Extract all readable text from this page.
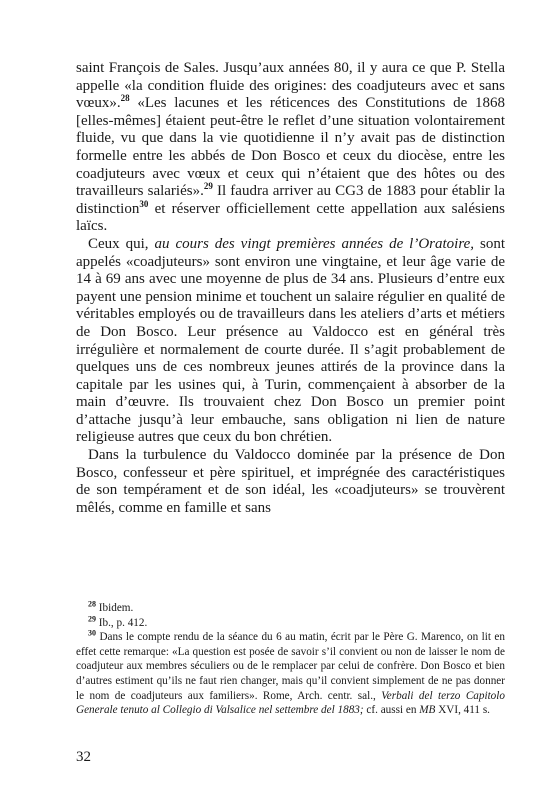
saint François de Sales. Jusqu’aux années 80, il y aura ce que P. Stella appelle «la condition fluide des origines: des coadjuteurs avec et sans vœux».$^{28}$ «Les lacunes et les réticences des Constitutions de 1868 [elles-mêmes] étaient peut-être le reflet d’une situation volontairement fluide, vu que dans la vie quotidienne il n’y avait pas de distinction formelle entre les abbés de Don Bosco et ceux du diocèse, entre les coadjuteurs avec vœux et ceux qui n’étaient que des hôtes ou des travailleurs salariés».$^{29}$ Il faudra arriver au CG3 de 1883 pour établir la distinction$^{30}$ et réserver officiellement cette appellation aux salésiens laïcs.

Ceux qui, au cours des vingt premières années de l’Oratoire, sont appelés «coadjuteurs» sont environ une vingtaine, et leur âge varie de 14 à 69 ans avec une moyenne de plus de 34 ans. Plusieurs d’entre eux payent une pension minime et touchent un salaire régulier en qualité de véritables employés ou de travailleurs dans les ateliers d’arts et métiers de Don Bosco. Leur présence au Valdocco est en général très irrégulière et normalement de courte durée. Il s’agit probablement de quelques uns de ces nombreux jeunes attirés de la province dans la capitale par les usines qui, à Turin, commençaient à absorber de la main d’œuvre. Ils trouvaient chez Don Bosco un premier point d’attache jusqu’à leur embauche, sans obligation ni lien de nature religieuse autres que ceux du bon chrétien.

Dans la turbulence du Valdocco dominée par la présence de Don Bosco, confesseur et père spirituel, et imprégnée des caractéristiques de son tempérament et de son idéal, les «coadjuteurs» se trouvèrent mêlés, comme en famille et sans

$^{28}$ Ibidem.

$^{29}$ Ib., p. 412.

$^{30}$ Dans le compte rendu de la séance du 6 au matin, écrit par le Père G. Marenco, on lit en effet cette remarque: «La question est posée de savoir s’il convient ou non de laisser le nom de coadjuteur aux membres séculiers ou de le remplacer par celui de confrère. Don Bosco et bien d’autres estiment qu’ils ne faut rien changer, mais qu’il convient simplement de ne pas donner le nom de coadjuteurs aux familiers». Rome, Arch. centr. sal., Verbali del terzo Capitolo Generale tenuto al Collegio di Valsalice nel settembre del 1883; cf. aussi en MB XVI, 411 s.

32
